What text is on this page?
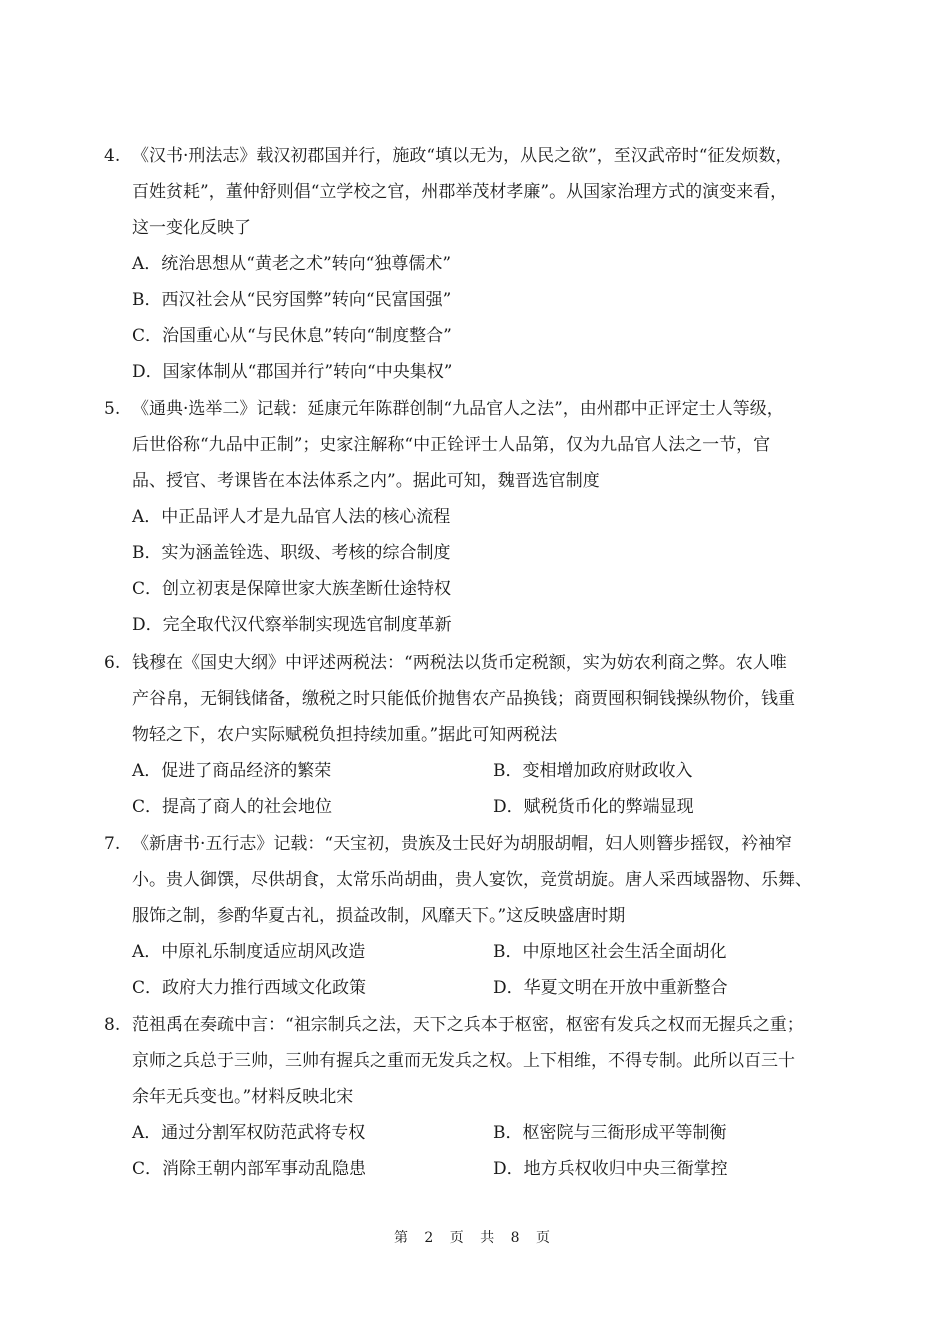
4. 《汉书·刑法志》载汉初郡国并行，施政“填以无为，从民之欲”，至汉武帝时“征发烦数，
百姓贫耗”，董仲舒则倡“立学校之官，州郡举茂材孝廉”。从国家治理方式的演变来看，
这一变化反映了
A．统治思想从“黄老之术”转向“独尊儒术”
B．西汉社会从“民穷国弊”转向“民富国强”
C．治国重心从“与民休息”转向“制度整合”
D．国家体制从“郡国并行”转向“中央集权”
5. 《通典·选举二》记载：延康元年陈群创制“九品官人之法”，由州郡中正评定士人等级，
后世俗称“九品中正制”；史家注解称“中正铨评士人品第，仅为九品官人法之一节，官
品、授官、考课皆在本法体系之内”。据此可知，魏晋选官制度
A．中正品评人才是九品官人法的核心流程
B．实为涵盖铨选、职级、考核的综合制度
C．创立初衷是保障世家大族垄断仕途特权
D．完全取代汉代察举制实现选官制度革新
6. 钱穆在《国史大纲》中评述两税法：“两税法以货币定税额，实为妨农利商之弊。农人唯
产谷帛，无铜钱储备，缴税之时只能低价抛售农产品换钱；商贾囤积铜钱操纵物价，钱重
物轻之下，农户实际赋税负担持续加重。”据此可知两税法
A．促进了商品经济的繁荣	B．变相增加政府财政收入
C．提高了商人的社会地位	D．赋税货币化的弊端显现
7. 《新唐书·五行志》记载：“天宝初，贵族及士民好为胡服胡帽，妇人则簪步摇钗，衿袖窄
小。贵人御馔，尽供胡食，太常乐尚胡曲，贵人宴饮，竞赏胡旋。唐人采西域器物、乐舞、
服饰之制，参酌华夏古礼，损益改制，风靡天下。”这反映盛唐时期
A．中原礼乐制度适应胡风改造	B．中原地区社会生活全面胡化
C．政府大力推行西域文化政策	D．华夏文明在开放中重新整合
8. 范祖禹在奏疏中言：“祖宗制兵之法，天下之兵本于枢密，枢密有发兵之权而无握兵之重；
京师之兵总于三帅，三帅有握兵之重而无发兵之权。上下相维，不得专制。此所以百三十
余年无兵变也。”材料反映北宋
A．通过分割军权防范武将专权	B．枢密院与三衙形成平等制衡
C．消除王朝内部军事动乱隐患	D．地方兵权收归中央三衙掌控
第 2 页 共 8 页
